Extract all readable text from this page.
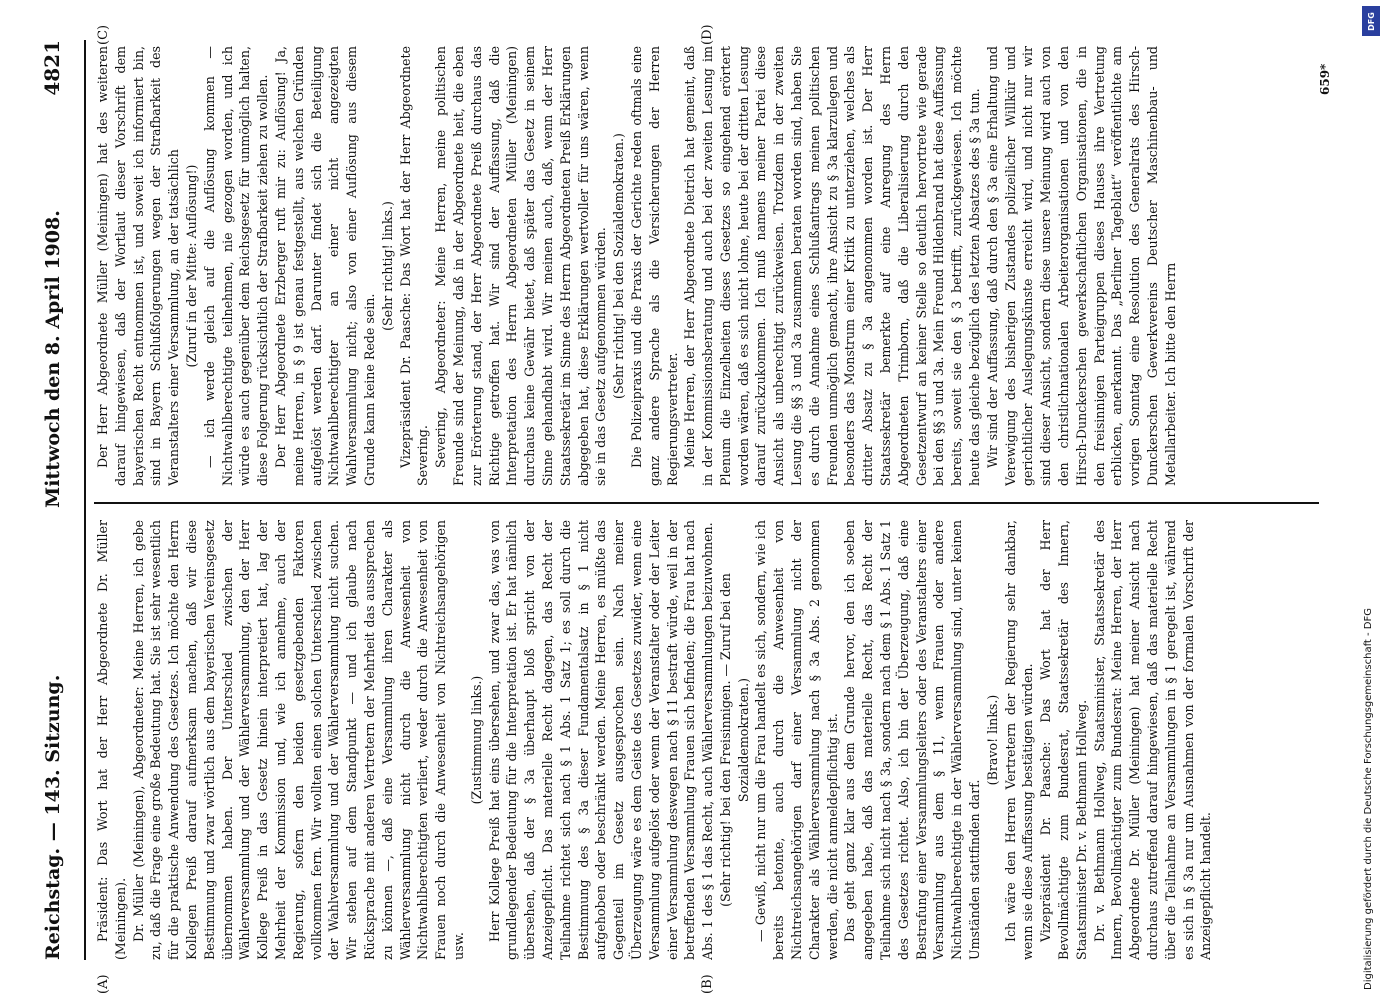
Reichstag. — 143. Sitzung.
Mittwoch den 8. April 1908.
4821

Präsident: Das Wort hat der Herr Abgeordnete Dr. Müller (Meiningen). Dr. Müller (Meiningen), Abgeordneter: Meine Herren, ich gebe zu, daß die Frage eine große Bedeutung hat. Sie ist sehr wesentlich für die praktische Anwendung des Gesetzes. Ich möchte den Herrn Kollegen Preiß darauf aufmerksam machen, daß wir diese Bestimmung und zwar wörtlich aus dem bayerischen Vereinsgesetz übernommen haben. Der Unterschied zwischen der Wählerversammlung und der Wählerversammlung, den der Herr Kollege Preiß in das Gesetz hinein interpretiert hat, lag der Mehrheit der Kommission und, wie ich annehme, auch der Regierung, sofern den beiden gesetzgebenden Faktoren vollkommen fern. Wir wollten einen solchen Unterschied zwischen der Wahlversammlung und der Wählerversammlung nicht suchen. Wir stehen auf dem Standpunkt — und ich glaube nach Rücksprache mit anderen Vertretern der Mehrheit das aussprechen zu können —, daß eine Versammlung ihren Charakter als Wählerversammlung nicht durch die Anwesenheit von Nichtwahlberechtigten verliert, weder durch die Anwesenheit von Frauen noch durch die Anwesenheit von Nichtreichsangehörigen usw.

(Zustimmung links.) Herr Kollege Preiß hat eins übersehen, und zwar das, was von grundlegender Bedeutung für die Interpretation ist. Er hat nämlich übersehen, daß der § 3a überhaupt bloß spricht von der Anzeigepflicht. Das materielle Recht dagegen, das Recht der Teilnahme richtet sich nach § 1 Abs. 1 Satz 1; es soll durch die Bestimmung des § 3a dieser Fundamentalsatz in § 1 nicht aufgehoben oder beschränkt werden. Meine Herren, es müßte das Gegenteil im Gesetz ausgesprochen sein. Nach meiner Überzeugung wäre es dem Geiste des Gesetzes zuwider, wenn eine Versammlung aufgelöst oder wenn der Veranstalter oder der Leiter einer Versammlung deswegen nach § 11 bestraft würde, weil in der betreffenden Versammlung Frauen sich befinden; die Frau hat nach Abs. 1 des § 1 das Recht, auch Wählerversammlungen beizuwohnen. (Sehr richtig! bei den Freisinnigen. — Zuruf bei den Sozialdemokraten.) — Gewiß, nicht nur um die Frau handelt es sich, sondern, wie ich bereits betonte, auch durch die Anwesenheit von Nichtreichsangehörigen darf einer Versammlung nicht der Charakter als Wählerversammlung nach § 3a Abs. 2 genommen werden, die nicht anmeldepflichtig ist. Das geht ganz klar aus dem Grunde hervor, den ich soeben angegeben habe, daß das materielle Recht, das Recht der Teilnahme sich nicht nach § 3a, sondern nach dem § 1 Abs. 1 Satz 1 des Gesetzes richtet. Also, ich bin der Überzeugung, daß eine Bestrafung einer Versammlungsleiters oder des Veranstalters einer Versammlung aus dem § 11, wenn Frauen oder andere Nichtwahlberechtigte in der Wählerversammlung sind, unter keinen Umständen stattfinden darf.

(Bravo! links.) Ich wäre den Herren Vertretern der Regierung sehr dankbar, wenn sie diese Auffassung bestätigen würden. Vizepräsident Dr. Paasche: Das Wort hat der Herr Bevollmächtigte zum Bundesrat, Staatssekretär des Innern, Staatsminister Dr. v. Bethmann Hollweg. Dr. v. Bethmann Hollweg, Staatsminister, Staatssekretär des Innern, Bevollmächtigter zum Bundesrat: Meine Herren, der Herr Abgeordnete Dr. Müller (Meiningen) hat meiner Ansicht nach durchaus zutreffend darauf hingewiesen, daß das materielle Recht über die Teilnahme an Versammlungen in § 1 geregelt ist, während es sich in § 3a nur um Ausnahmen von der formalen Vorschrift der Anzeigepflicht handelt.

Der Herr Abgeordnete Müller (Meiningen) hat des weiteren darauf hingewiesen, daß der Wortlaut dieser Vorschrift dem bayerischen Recht entnommen ist, und soweit ich informiert bin, sind in Bayern Schlußfolgerungen wegen der Strafbarkeit des Veranstalters einer Versammlung, an der tatsächlich (Zuruf in der Mitte: Auflösung!) — ich werde gleich auf die Auflösung kommen — Nichtwahlberechtigte teilnehmen, nie gezogen worden, und ich würde es auch gegenüber dem Reichsgesetz für unmöglich halten, diese Folgerung rücksichtlich der Strafbarkeit ziehen zu wollen. Der Herr Abgeordnete Erzberger ruft mir zu: Auflösung! Ja, meine Herren, in § 9 ist genau festgestellt, aus welchen Gründen aufgelöst werden darf. Darunter findet sich die Beteiligung Nichtwahlberechtigter an einer nicht angezeigten Wahlversammlung nicht; also von einer Auflösung aus diesem Grunde kann keine Rede sein.

(Sehr richtig! links.) Vizepräsident Dr. Paasche: Das Wort hat der Herr Abgeordnete Severing. Severing, Abgeordneter: Meine Herren, meine politischen Freunde sind der Meinung, daß in der Abgeordnete heit, die eben zur Erörterung stand, der Herr Abgeordnete Preiß durchaus das Richtige getroffen hat. Wir sind der Auffassung, daß die Interpretation des Herrn Abgeordneten Müller (Meiningen) durchaus keine Gewähr bietet, daß später das Gesetz in seinem Sinne gehandhabt wird. Wir meinen auch, daß, wenn der Herr Staatssekretär im Sinne des Herrn Abgeordneten Preiß Erklärungen abgegeben hat, diese Erklärungen wertvoller für uns wären, wenn sie in das Gesetz aufgenommen würden. (Sehr richtig! bei den Sozialdemokraten.) Die Polizeipraxis und die Praxis der Gerichte reden oftmals eine ganz andere Sprache als die Versicherungen der Herren Regierungsvertreter. Meine Herren, der Herr Abgeordnete Dietrich hat gemeint, daß in der Kommissionsberatung und auch bei der zweiten Lesung im Plenum die Einzelheiten dieses Gesetzes so eingehend erörtert worden wären, daß es sich nicht lohne, heute bei der dritten Lesung darauf zurückzukommen. Ich muß namens meiner Partei diese Ansicht als unberechtigt zurückweisen. Trotzdem in der zweiten Lesung die §§ 3 und 3a zusammen beraten worden sind, haben Sie es durch die Annahme eines Schlußantrags meinen politischen Freunden unmöglich gemacht, ihre Ansicht zu § 3a klarzulegen und besonders das Monstrum einer Kritik zu unterziehen, welches als dritter Absatz zu § 3a angenommen worden ist. Der Herr Staatssekretär bemerkte auf eine Anregung des Herrn Abgeordneten Trimborn, daß die Liberalisierung durch den Gesetzentwurf an keiner Stelle so deutlich hervortrete wie gerade bei den §§ 3 und 3a. Mein Freund Hildenbrand hat diese Auffassung bereits, soweit sie den § 3 betrifft, zurückgewiesen. Ich möchte heute das gleiche bezüglich des letzten Absatzes des § 3a tun. Wir sind der Auffassung, daß durch den § 3a eine Erhaltung und Verewigung des bisherigen Zustandes polizeilicher Willkür und gerichtlicher Auslegungskünste erreicht wird, und nicht nur wir sind dieser Ansicht, sondern diese unsere Meinung wird auch von den christlichnationalen Arbeiterorganisationen und von den Hirsch-Dunckerschen gewerkschaftlichen Organisationen, die in den freisinnigen Parteigruppen dieses Hauses ihre Vertretung erblicken, anerkannt. Das „Berliner Tageblatt“ veröffentlichte am vorigen Sonntag eine Resolution des Generalrats des Hirsch-Dunckerschen Gewerkvereins Deutscher Maschinenbau- und Metallarbeiter. Ich bitte den Herrn

(A)	(B)
(C)	(D)
659*
Digitalisierung gefördert durch die Deutsche Forschungsgemeinschaft - DFG
DFG
